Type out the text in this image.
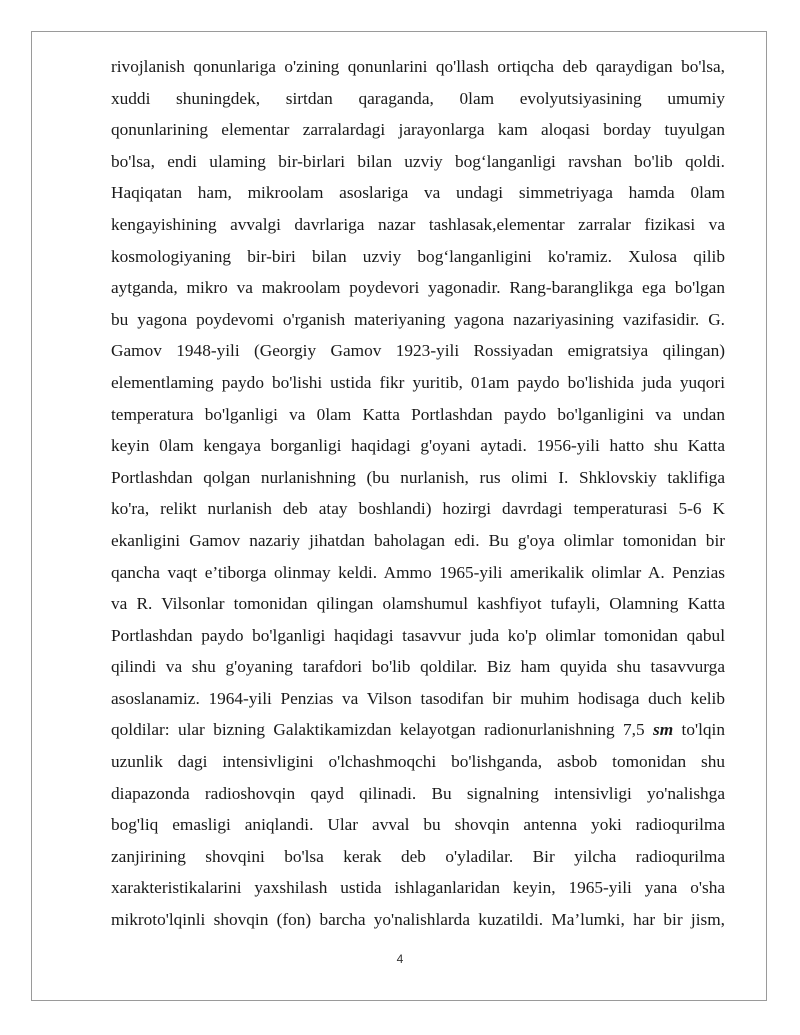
rivojlanish qonunlariga o'zining qonunlarini qo'llash ortiqcha deb qaraydigan bo'lsa,
xuddi shuningdek, sirtdan qaraganda, 0lam evolyutsiyasining umumiy
qonunlarining elementar zarralardagi jarayonlarga kam aloqasi borday tuyulgan
bo'lsa, endi ulaming bir-birlari bilan uzviy bog‘langanligi ravshan bo'lib qoldi.
Haqiqatan ham, mikroolam asoslariga va undagi simmetriyaga hamda 0lam
kengayishining avvalgi davrlariga nazar tashlasak,elementar zarralar fizikasi va
kosmologiyaning bir-biri bilan uzviy bog‘langanligini ko'ramiz. Xulosa qilib
aytganda, mikro va makroolam poydevori yagonadir. Rang-baranglikga ega bo'lgan
bu yagona poydevomi o'rganish materiyaning yagona nazariyasining vazifasidir. G.
Gamov 1948-yili (Georgiy Gamov 1923-yili Rossiyadan emigratsiya qilingan)
elementlaming paydo bo'lishi ustida fikr yuritib, 01am paydo bo'lishida juda yuqori
temperatura bo'lganligi va 0lam Katta Portlashdan paydo bo'lganligini va undan
keyin 0lam kengaya borganligi haqidagi g'oyani aytadi. 1956-yili hatto shu Katta
Portlashdan qolgan nurlanishning (bu nurlanish, rus olimi I. Shklovskiy taklifiga
ko'ra, relikt nurlanish deb atay boshlandi) hozirgi davrdagi temperaturasi 5-6 K
ekanligini Gamov nazariy jihatdan baholagan edi. Bu g'oya olimlar tomonidan bir
qancha vaqt e’tiborga olinmay keldi. Ammo 1965-yili amerikalik olimlar A. Penzias
va R. Vilsonlar tomonidan qilingan olamshumul kashfiyot tufayli, Olamning Katta
Portlashdan paydo bo'lganligi haqidagi tasavvur juda ko'p olimlar tomonidan qabul
qilindi va shu g'oyaning tarafdori bo'lib qoldilar. Biz ham quyida shu tasavvurga
asoslanamiz. 1964-yili Penzias va Vilson tasodifan bir muhim hodisaga duch kelib
qoldilar: ular bizning Galaktikamizdan kelayotgan radionurlanishning 7,5 sm to'lqin
uzunlik dagi intensivligini o'lchashmoqchi bo'lishganda, asbob tomonidan shu
diapazonda radioshovqin qayd qilinadi. Bu signalning intensivligi yo'nalishga
bog'liq emasligi aniqlandi. Ular avval bu shovqin antenna yoki radioqurilma
zanjirining shovqini bo'lsa kerak deb o'yladilar. Bir yilcha radioqurilma
xarakteristikalarini yaxshilash ustida ishlaganlaridan keyin, 1965-yili yana o'sha
mikroto'lqinli shovqin (fon) barcha yo'nalishlarda kuzatildi. Ma’lumki, har bir jism,
4
